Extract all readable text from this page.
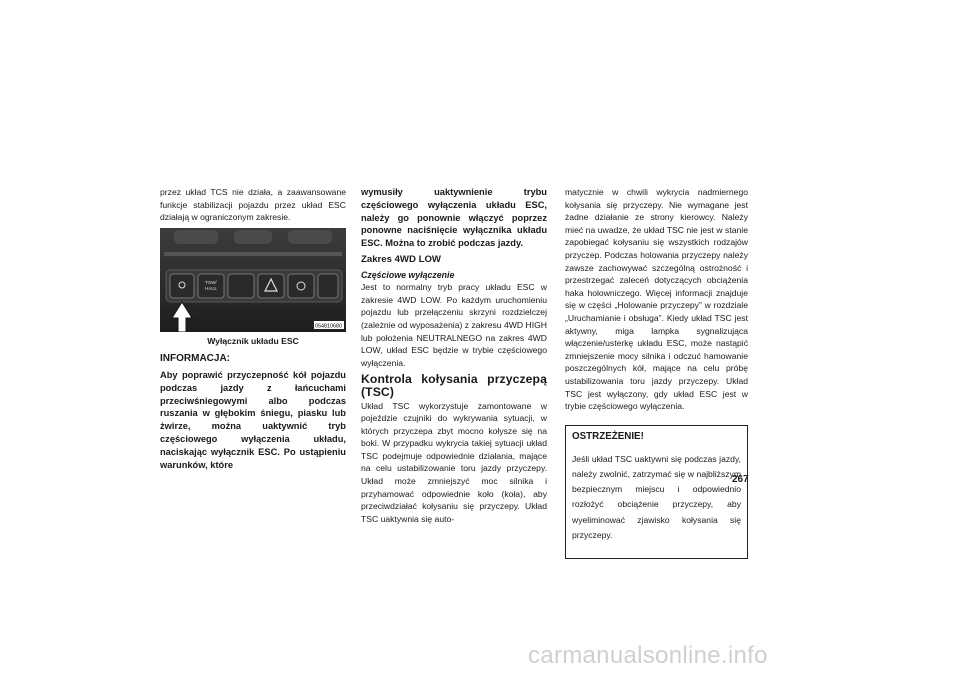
przez układ TCS nie działa, a zaawansowane funkcje stabilizacji pojazdu przez układ ESC działają w ograniczonym zakresie.

TOW/
HAUL
054810680

Wyłącznik układu ESC

INFORMACJA:

Aby poprawić przyczepność kół pojazdu podczas jazdy z łańcuchami przeciwśniegowymi albo podczas ruszania w głębokim śniegu, piasku lub żwirze, można uaktywnić tryb częściowego wyłączenia układu, naciskając wyłącznik ESC. Po ustąpieniu warunków, które

wymusiły uaktywnienie trybu częściowego wyłączenia układu ESC, należy go ponownie włączyć poprzez ponowne naciśnięcie wyłącznika układu ESC. Można to zrobić podczas jazdy.

Zakres 4WD LOW

Częściowe wyłączenie

Jest to normalny tryb pracy układu ESC w zakresie 4WD LOW. Po każdym uruchomieniu pojazdu lub przełączeniu skrzyni rozdzielczej (zależnie od wyposażenia) z zakresu 4WD HIGH lub położenia NEUTRALNEGO na zakres 4WD LOW, układ ESC będzie w trybie częściowego wyłączenia.

Kontrola kołysania przyczepą (TSC)

Układ TSC wykorzystuje zamontowane w pojeździe czujniki do wykrywania sytuacji, w których przyczepa zbyt mocno kołysze się na boki. W przypadku wykrycia takiej sytuacji układ TSC podejmuje odpowiednie działania, mające na celu ustabilizowanie toru jazdy przyczepy. Układ może zmniejszyć moc silnika i przyhamować odpowiednie koło (koła), aby przeciwdziałać kołysaniu się przyczepy. Układ TSC uaktywnia się auto-

matycznie w chwili wykrycia nadmiernego kołysania się przyczepy. Nie wymagane jest żadne działanie ze strony kierowcy. Należy mieć na uwadze, że układ TSC nie jest w stanie zapobiegać kołysaniu się wszystkich rodzajów przyczep. Podczas holowania przyczepy należy zawsze zachowywać szczególną ostrożność i przestrzegać zaleceń dotyczących obciążenia haka holowniczego. Więcej informacji znajduje się w części „Holowanie przyczepy” w rozdziale „Uruchamianie i obsługa”. Kiedy układ TSC jest aktywny, miga lampka sygnalizująca włączenie/usterkę układu ESC, może nastąpić zmniejszenie mocy silnika i odczuć hamowanie poszczególnych kół, mające na celu próbę ustabilizowania toru jazdy przyczepy. Układ TSC jest wyłączony, gdy układ ESC jest w trybie częściowego wyłączenia.

OSTRZEŻENIE!

Jeśli układ TSC uaktywni się podczas jazdy, należy zwolnić, zatrzymać się w najbliższym bezpiecznym miejscu i odpowiednio rozłożyć obciążenie przyczepy, aby wyeliminować zjawisko kołysania się przyczepy.

267
carmanualsonline.info
